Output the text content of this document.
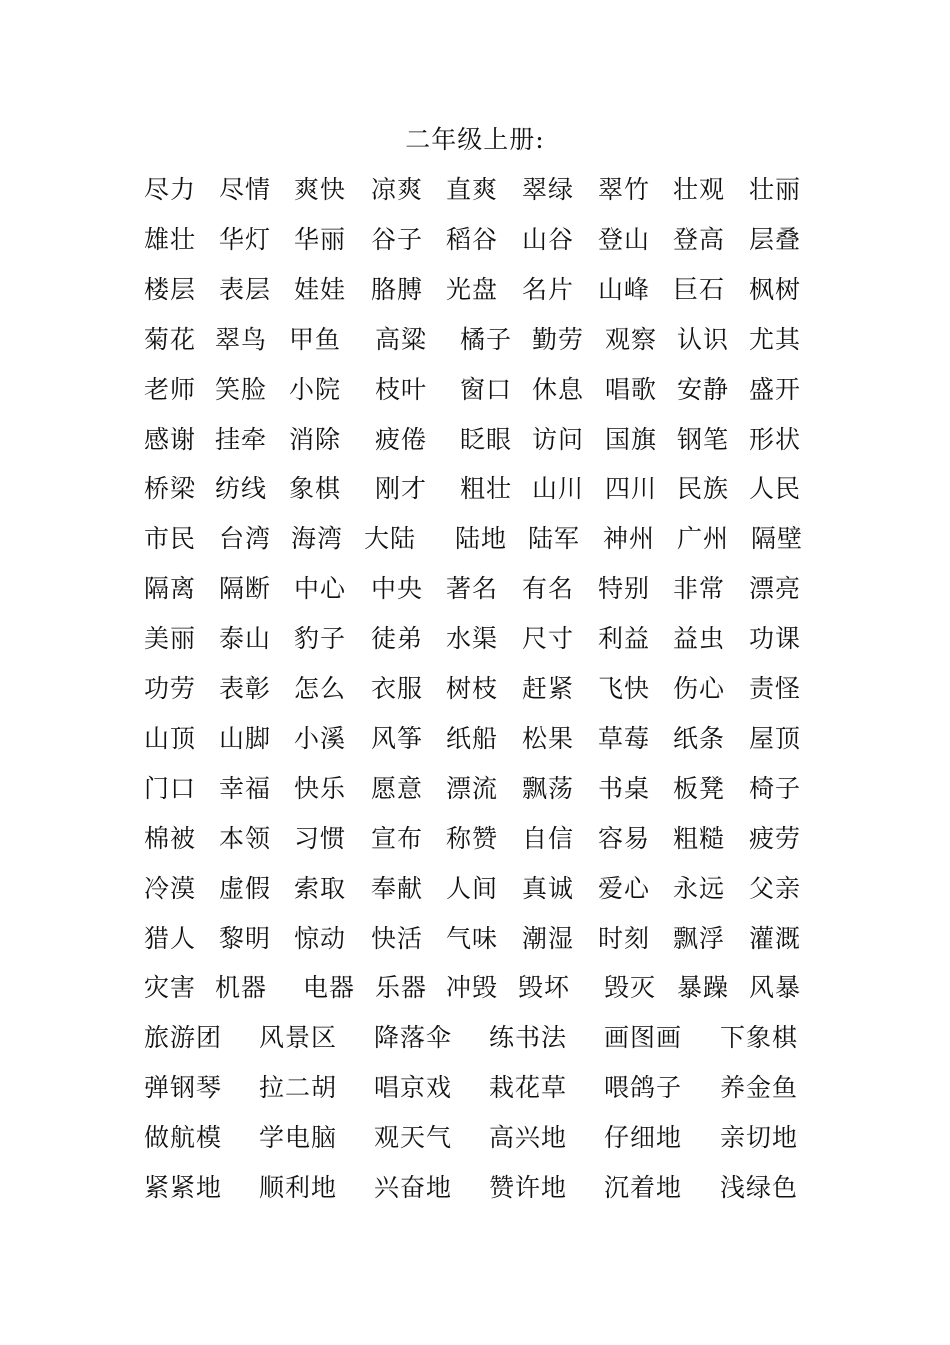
二年级上册:
尽力 尽情 爽快 凉爽 直爽 翠绿 翠竹 壮观 壮丽
雄壮 华灯 华丽 谷子 稻谷 山谷 登山 登高 层叠
楼层 表层 娃娃 胳膊 光盘 名片 山峰 巨石 枫树
菊花 翠鸟 甲鱼 高粱 橘子 勤劳 观察 认识 尤其
老师 笑脸 小院 枝叶 窗口 休息 唱歌 安静 盛开
感谢 挂牵 消除 疲倦 眨眼 访问 国旗 钢笔 形状
桥梁 纺线 象棋 刚才 粗壮 山川 四川 民族 人民
市民 台湾 海湾 大陆 陆地 陆军 神州 广州 隔壁
隔离 隔断 中心 中央 著名 有名 特别 非常 漂亮
美丽 泰山 豹子 徒弟 水渠 尺寸 利益 益虫 功课
功劳 表彰 怎么 衣服 树枝 赶紧 飞快 伤心 责怪
山顶 山脚 小溪 风筝 纸船 松果 草莓 纸条 屋顶
门口 幸福 快乐 愿意 漂流 飘荡 书桌 板凳 椅子
棉被 本领 习惯 宣布 称赞 自信 容易 粗糙 疲劳
冷漠 虚假 索取 奉献 人间 真诚 爱心 永远 父亲
猎人 黎明 惊动 快活 气味 潮湿 时刻 飘浮 灌溉
灾害 机器 电器 乐器 冲毁 毁坏 毁灭 暴躁 风暴
旅游团 风景区 降落伞 练书法 画图画 下象棋
弹钢琴 拉二胡 唱京戏 栽花草 喂鸽子 养金鱼
做航模 学电脑 观天气 高兴地 仔细地 亲切地
紧紧地 顺利地 兴奋地 赞许地 沉着地 浅绿色
